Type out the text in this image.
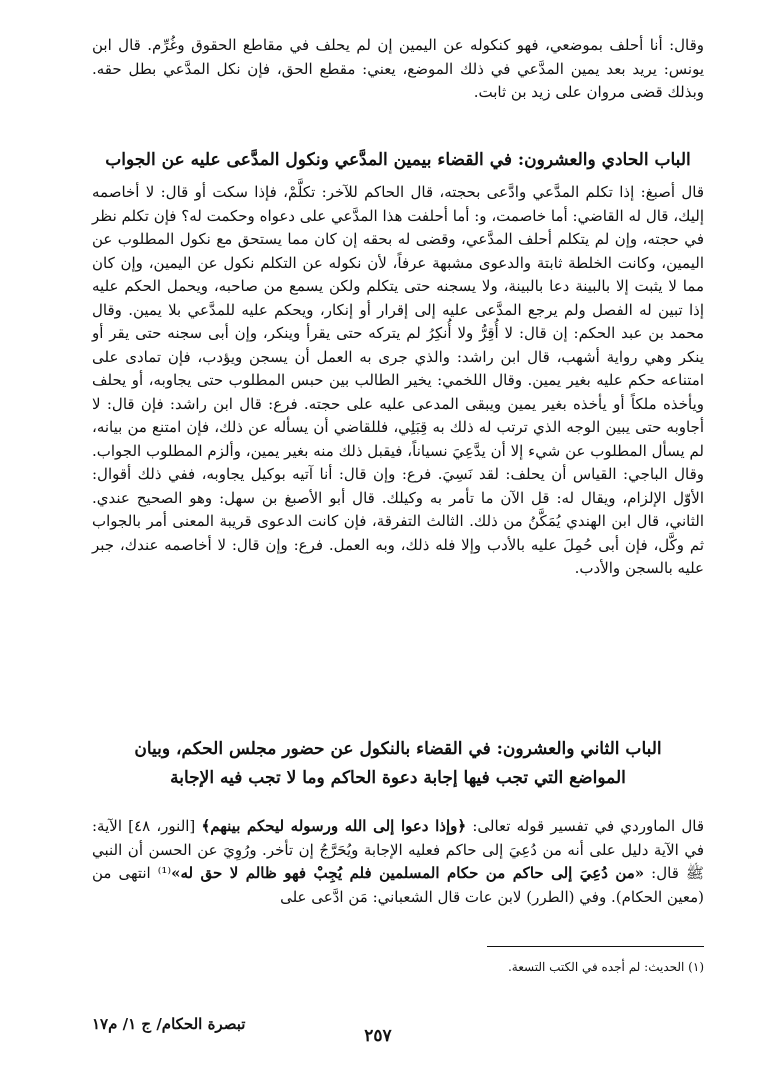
وقال: أنا أحلف بموضعي، فهو كنكوله عن اليمين إن لم يحلف في مقاطع الحقوق وغُرِّم. قال ابن يونس: يريد بعد يمين المدَّعي في ذلك الموضع، يعني: مقطع الحق، فإن نكل المدَّعي بطل حقه. وبذلك قضى مروان على زيد بن ثابت.

الباب الحادي والعشرون: في القضاء بيمين المدَّعي ونكول المدَّعى عليه عن الجواب

قال أصبغ: إذا تكلم المدَّعي وادَّعى بحجته، قال الحاكم للآخر: تكلَّمْ، فإذا سكت أو قال: لا أخاصمه إليك، قال له القاضي: أما خاصمت، و: أما أحلفت هذا المدَّعي على دعواه وحكمت له؟ فإن تكلم نظر في حجته، وإن لم يتكلم أحلف المدَّعي، وقضى له بحقه إن كان مما يستحق مع نكول المطلوب عن اليمين، وكانت الخلطة ثابتة والدعوى مشبهة عرفاً، لأن نكوله عن التكلم نكول عن اليمين، وإن كان مما لا يثبت إلا بالبينة دعا بالبينة، ولا يسجنه حتى يتكلم ولكن يسمع من صاحبه، ويحمل الحكم عليه إذا تبين له الفصل ولم يرجع المدَّعى عليه إلى إقرار أو إنكار، ويحكم عليه للمدَّعي بلا يمين. وقال محمد بن عبد الحكم: إن قال: لا أُقِرُّ ولا أُنكِرُ لم يتركه حتى يقرأ وينكر، وإن أبى سجنه حتى يقر أو ينكر وهي رواية أشهب، قال ابن راشد: والذي جرى به العمل أن يسجن ويؤدب، فإن تمادى على امتناعه حكم عليه بغير يمين. وقال اللخمي: يخير الطالب بين حبس المطلوب حتى يجاوبه، أو يحلف ويأخذه ملكاً أو يأخذه بغير يمين ويبقى المدعى عليه على حجته. فرع: قال ابن راشد: فإن قال: لا أجاوبه حتى يبين الوجه الذي ترتب له ذلك به قِبَلِي، فللقاضي أن يسأله عن ذلك، فإن امتنع من بيانه، لم يسأل المطلوب عن شيء إلا أن يدَّعِيَ نسياناً، فيقبل ذلك منه بغير يمين، وألزم المطلوب الجواب. وقال الباجي: القياس أن يحلف: لقد نَسِيَ. فرع: وإن قال: أنا آتيه بوكيل يجاوبه، ففي ذلك أقوال: الأوّل الإلزام، ويقال له: قل الآن ما تأمر به وكيلك. قال أبو الأصبغ بن سهل: وهو الصحيح عندي. الثاني، قال ابن الهندي يُمَكَّنُ من ذلك. الثالث التفرقة، فإن كانت الدعوى قريبة المعنى أمر بالجواب ثم وكَّل، فإن أبى حُمِلَ عليه بالأدب وإلا فله ذلك، وبه العمل. فرع: وإن قال: لا أخاصمه عندك، جبر عليه بالسجن والأدب.

الباب الثاني والعشرون: في القضاء بالنكول عن حضور مجلس الحكم، وبيان

المواضع التي تجب فيها إجابة دعوة الحاكم وما لا تجب فيه الإجابة

قال الماوردي في تفسير قوله تعالى: ﴿وإذا دعوا إلى الله ورسوله ليحكم بينهم﴾ [النور، ٤٨] الآية: في الآية دليل على أنه من دُعِيَ إلى حاكم فعليه الإجابة ويُحَرَّجُ إن تأخر. ورُوِيَ عن الحسن أن النبي ﷺ قال: «من دُعِيَ إلى حاكم من حكام المسلمين فلم يُجِبْ فهو ظالم لا حق له»⁽¹⁾ انتهى من (معين الحكام). وفي (الطرر) لابن عات قال الشعباني: مَن ادَّعى على

(١) الحديث: لم أجده في الكتب التسعة.
تبصرة الحكام/ ج ١/ م١٧
٢٥٧
